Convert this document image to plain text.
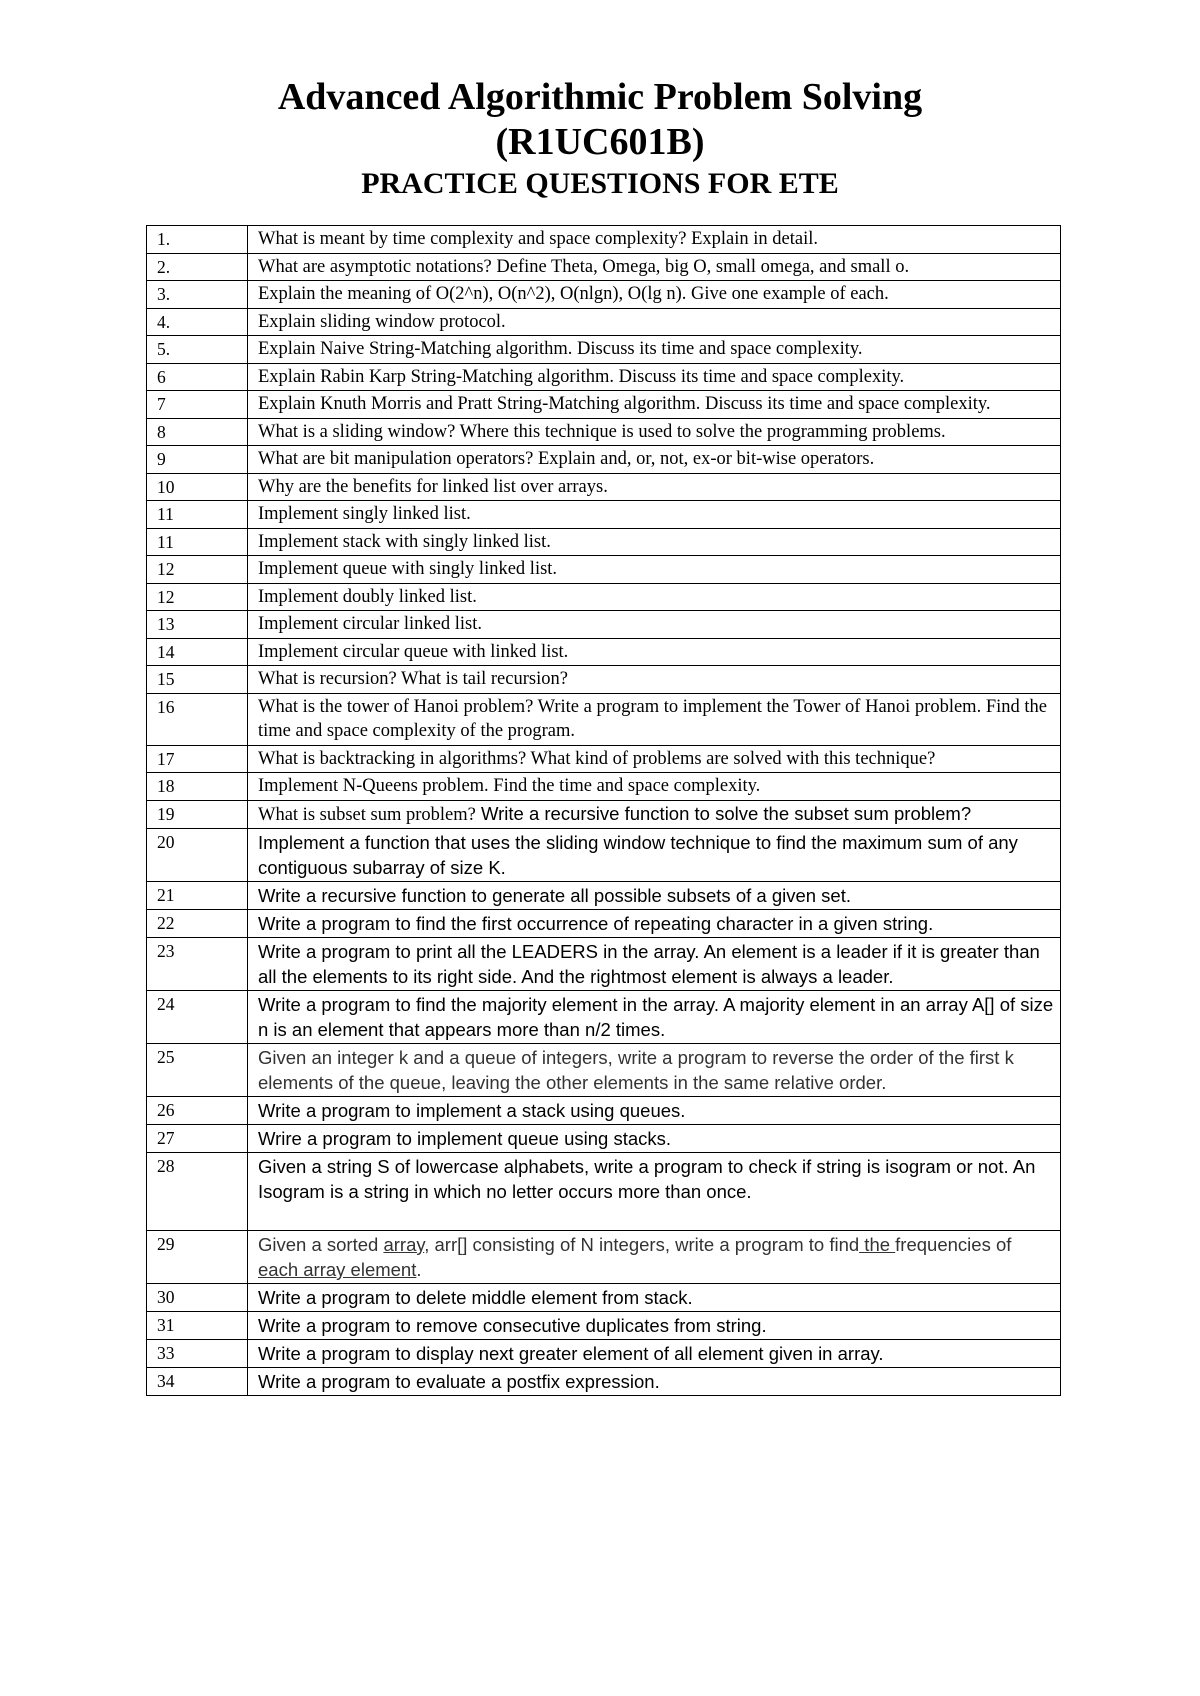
Advanced Algorithmic Problem Solving
(R1UC601B)
PRACTICE QUESTIONS FOR ETE
1.	What is meant by time complexity and space complexity? Explain in detail.
2.	What are asymptotic notations? Define Theta, Omega, big O, small omega, and small o.
3.	Explain the meaning of O(2^n), O(n^2), O(nlgn), O(lg n). Give one example of each.
4.	Explain sliding window protocol.
5.	Explain Naive String-Matching algorithm. Discuss its time and space complexity.
6	Explain Rabin Karp String-Matching algorithm. Discuss its time and space complexity.
7	Explain Knuth Morris and Pratt String-Matching algorithm. Discuss its time and space complexity.
8	What is a sliding window? Where this technique is used to solve the programming problems.
9	What are bit manipulation operators? Explain and, or, not, ex-or bit-wise operators.
10	Why are the benefits for linked list over arrays.
11	Implement singly linked list.
11	Implement stack with singly linked list.
12	Implement queue with singly linked list.
12	Implement doubly linked list.
13	Implement circular linked list.
14	Implement circular queue with linked list.
15	What is recursion? What is tail recursion?
16	What is the tower of Hanoi problem? Write a program to implement the Tower of Hanoi problem. Find the time and space complexity of the program.
17	What is backtracking in algorithms? What kind of problems are solved with this technique?
18	Implement N-Queens problem. Find the time and space complexity.
19	What is subset sum problem? Write a recursive function to solve the subset sum problem?
20	Implement a function that uses the sliding window technique to find the maximum sum of any contiguous subarray of size K.
21	Write a recursive function to generate all possible subsets of a given set.
22	Write a program to find the first occurrence of repeating character in a given string.
23	Write a program to print all the LEADERS in the array. An element is a leader if it is greater than all the elements to its right side. And the rightmost element is always a leader.
24	Write a program to find the majority element in the array. A majority element in an array A[] of size n is an element that appears more than n/2 times.
25	Given an integer k and a queue of integers, write a program to reverse the order of the first k elements of the queue, leaving the other elements in the same relative order.
26	Write a program to implement a stack using queues.
27	Wrire a program to implement queue using stacks.
28	Given a string S of lowercase alphabets, write a program to check if string is isogram or not. An Isogram is a string in which no letter occurs more than once.
29	Given a sorted array, arr[] consisting of N integers, write a program to find the frequencies of each array element.
30	Write a program to delete middle element from stack.
31	Write a program to remove consecutive duplicates from string.
33	Write a program to display next greater element of all element given in array.
34	Write a program to evaluate a postfix expression.
